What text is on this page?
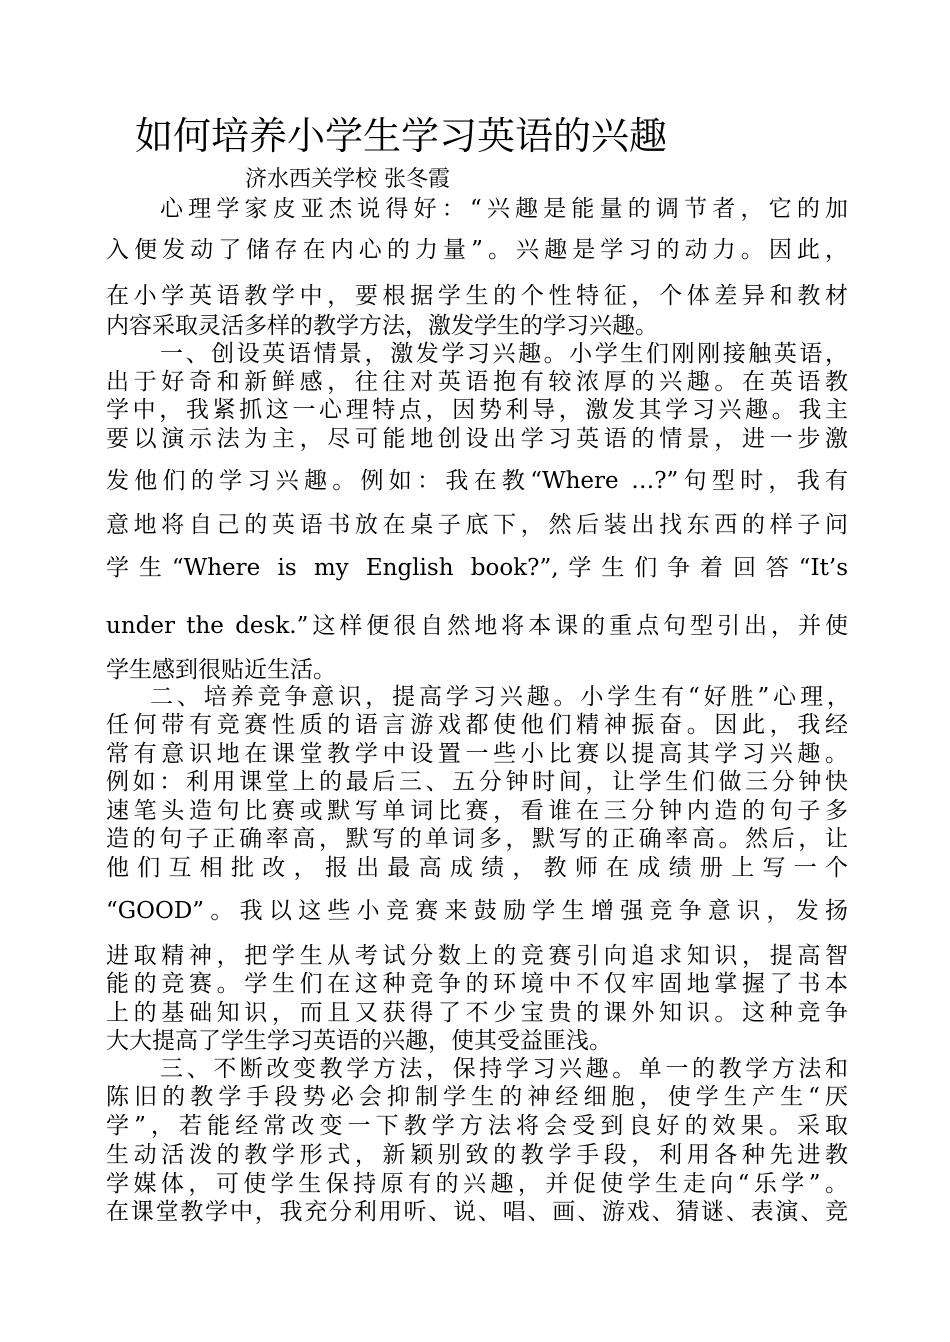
如何培养小学生学习英语的兴趣
济水西关学校 张冬霞
心理学家皮亚杰说得好：“兴趣是能量的调节者，它的加
入便发动了储存在内心的力量”。兴趣是学习的动力。因此，
在小学英语教学中，要根据学生的个性特征，个体差异和教材
内容采取灵活多样的教学方法，激发学生的学习兴趣。
一、创设英语情景，激发学习兴趣。小学生们刚刚接触英语，
出于好奇和新鲜感，往往对英语抱有较浓厚的兴趣。在英语教
学中，我紧抓这一心理特点，因势利导，激发其学习兴趣。我主
要以演示法为主，尽可能地创设出学习英语的情景，进一步激
发他们的学习兴趣。例如：我在教“Where …?”句型时，我有
意地将自己的英语书放在桌子底下，然后装出找东西的样子问
学生“Where is my English book?”,学生们争着回答“It’s
under the desk.”这样便很自然地将本课的重点句型引出，并使
学生感到很贴近生活。
二、培养竞争意识，提高学习兴趣。小学生有“好胜”心理，
任何带有竞赛性质的语言游戏都使他们精神振奋。因此，我经
常有意识地在课堂教学中设置一些小比赛以提高其学习兴趣。
例如：利用课堂上的最后三、五分钟时间，让学生们做三分钟快
速笔头造句比赛或默写单词比赛，看谁在三分钟内造的句子多
造的句子正确率高，默写的单词多，默写的正确率高。然后，让
他们互相批改，报出最高成绩，教师在成绩册上写一个
“GOOD”。我以这些小竞赛来鼓励学生增强竞争意识，发扬
进取精神，把学生从考试分数上的竞赛引向追求知识，提高智
能的竞赛。学生们在这种竞争的环境中不仅牢固地掌握了书本
上的基础知识，而且又获得了不少宝贵的课外知识。这种竞争
大大提高了学生学习英语的兴趣，使其受益匪浅。
三、不断改变教学方法，保持学习兴趣。单一的教学方法和
陈旧的教学手段势必会抑制学生的神经细胞，使学生产生“厌
学”，若能经常改变一下教学方法将会受到良好的效果。采取
生动活泼的教学形式，新颖别致的教学手段，利用各种先进教
学媒体，可使学生保持原有的兴趣，并促使学生走向“乐学”。
在课堂教学中，我充分利用听、说、唱、画、游戏、猜谜、表演、竞
